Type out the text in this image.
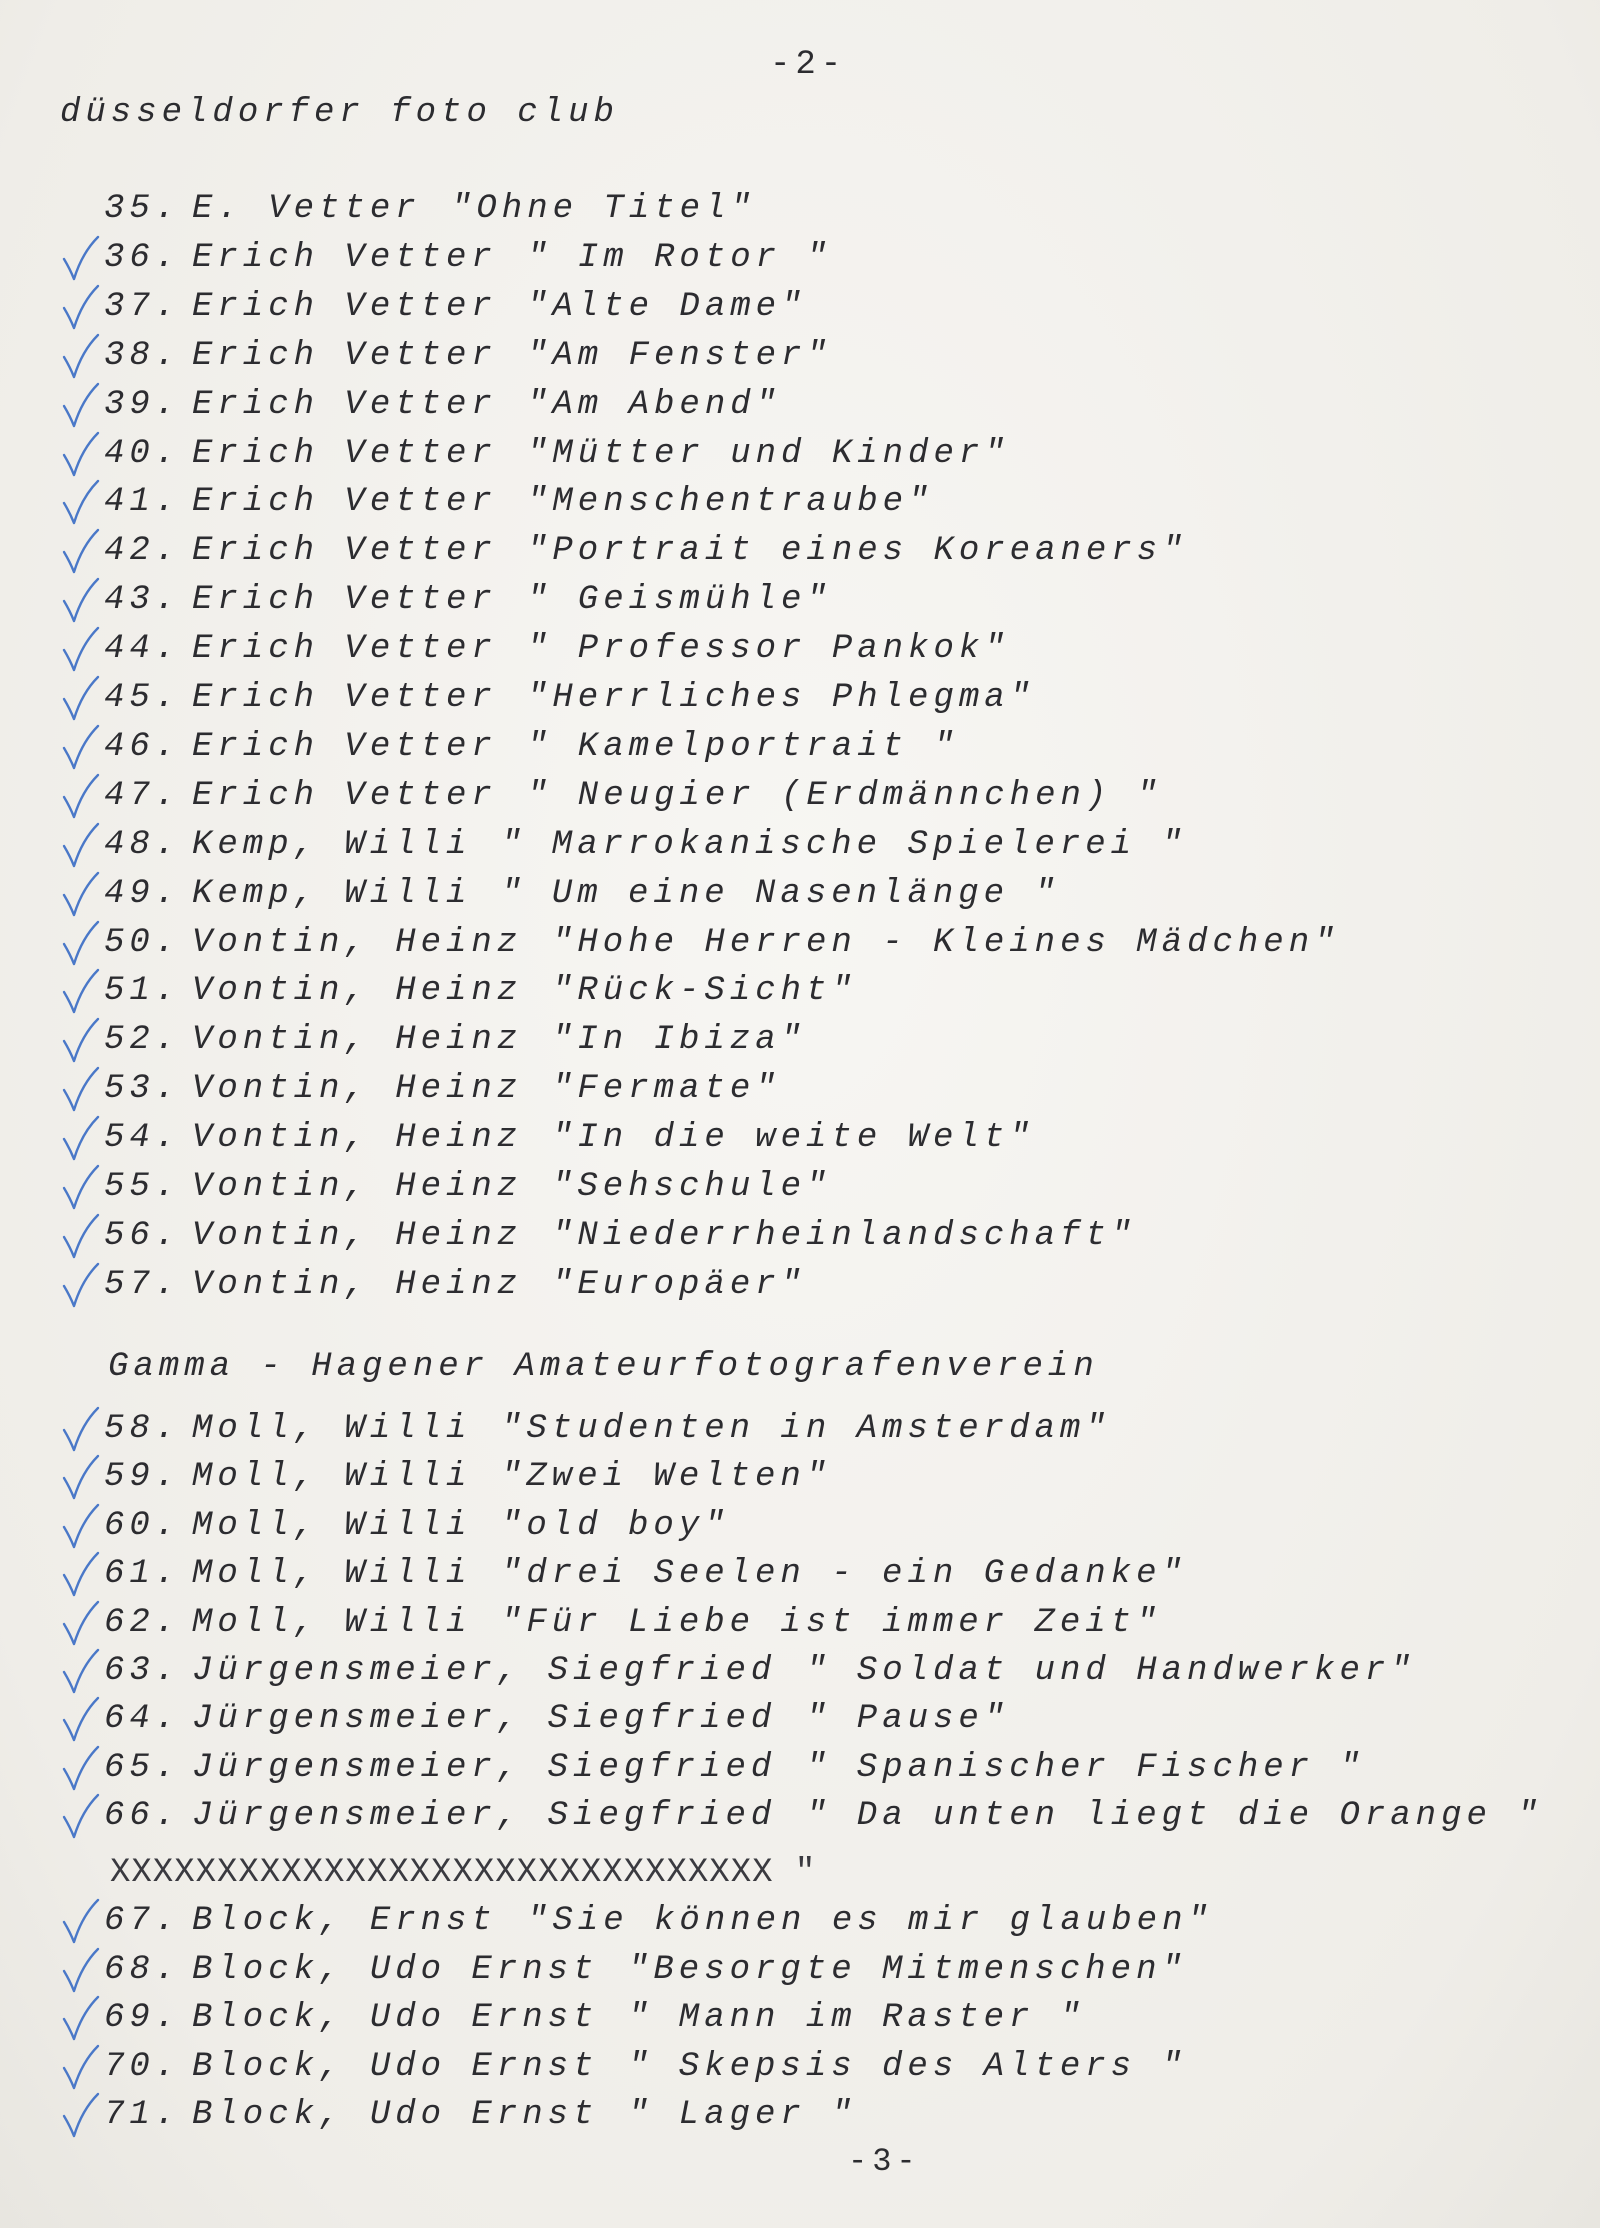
-2-
düsseldorfer foto club
35. E. Vetter "Ohne Titel"
36. Erich Vetter " Im Rotor "
37. Erich Vetter "Alte Dame"
38. Erich Vetter "Am Fenster"
39. Erich Vetter "Am Abend"
40. Erich Vetter "Mütter und Kinder"
41. Erich Vetter "Menschentraube"
42. Erich Vetter "Portrait eines Koreaners"
43. Erich Vetter " Geismühle"
44. Erich Vetter " Professor Pankok"
45. Erich Vetter "Herrliches Phlegma"
46. Erich Vetter " Kamelportrait "
47. Erich Vetter " Neugier (Erdmännchen) "
48. Kemp, Willi " Marrokanische Spielerei "
49. Kemp, Willi " Um eine Nasenlänge "
50. Vontin, Heinz "Hohe Herren - Kleines Mädchen"
51. Vontin, Heinz "Rück-Sicht"
52. Vontin, Heinz "In Ibiza"
53. Vontin, Heinz "Fermate"
54. Vontin, Heinz "In die weite Welt"
55. Vontin, Heinz "Sehschule"
56. Vontin, Heinz "Niederrheinlandschaft"
57. Vontin, Heinz "Europäer"
Gamma - Hagener Amateurfotografenverein
58. Moll, Willi "Studenten in Amsterdam"
59. Moll, Willi "Zwei Welten"
60. Moll, Willi "old boy"
61. Moll, Willi "drei Seelen - ein Gedanke"
62. Moll, Willi "Für Liebe ist immer Zeit"
63. Jürgensmeier, Siegfried " Soldat und Handwerker"
64. Jürgensmeier, Siegfried " Pause"
65. Jürgensmeier, Siegfried " Spanischer Fischer "
66. Jürgensmeier, Siegfried " Da unten liegt die Orange "
XXXXXXXXXXXXXXXXXXXXXXXXXXXXXXX "
67. Block, Ernst "Sie können es mir glauben"
68. Block, Udo Ernst "Besorgte Mitmenschen"
69. Block, Udo Ernst " Mann im Raster "
70. Block, Udo Ernst " Skepsis des Alters "
71. Block, Udo Ernst " Lager "
-3-
